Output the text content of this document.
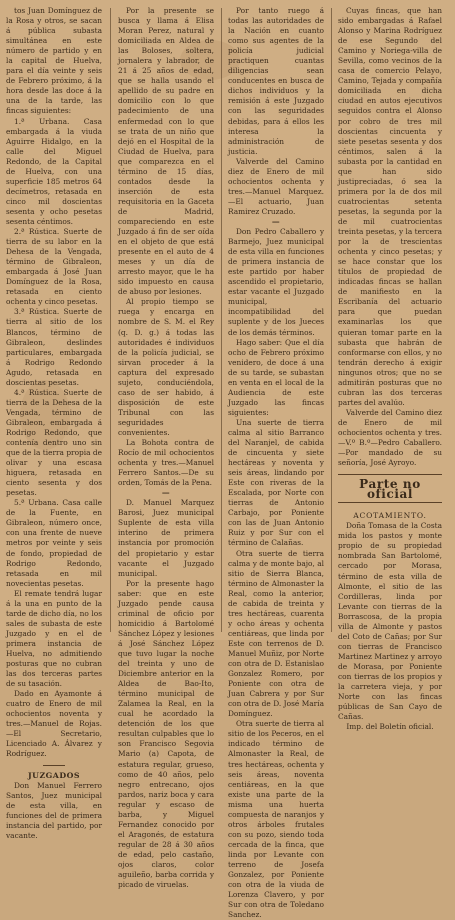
tos Juan Domínguez de la Rosa y otros, se sacan á pública subasta simultánea en este número de partido y en la capital de Huelva, para el día veinte y seis de Febrero próximo, á la hora desde las doce á la una de la tarde, las fincas siguientes:

1.ª Urbana. Casa embargada á la viuda Aguirre Hidalgo, en la calle del Miguel Redondo, de la Capital de Huelva, con una superficie 185 metros 64 decímetros, retasada en cinco mil doscientas sesenta y ocho pesetas sesenta céntimos.

2.ª Rústica. Suerte de tierra de su labor en la Dehesa de la Vengada, término de Gibraleon, embargada á José Juan Domínguez de la Rosa, retasada en ciento ochenta y cinco pesetas.

3.ª Rústica. Suerte de tierra al sitio de los Blancos, término de Gibraleon, deslindes particulares, embargada á Rodrigo Redondo Agudo, retasada en doscientas pesetas.

4.ª Rústica. Suerte de tierra de la Dehesa de la Vengada, término de Gibraleon, embargada á Rodrigo Redondo, que contenía dentro uno sin que de la tierra propia de olivar y una escasa higuera, retasada en ciento sesenta y dos pesetas.

5.ª Urbana. Casa calle de la Fuente, en Gibraleon, número once, con una frente de nueve metros por veinte y seis de fondo, propiedad de Rodrigo Redondo, retasada en mil novecientas pesetas.

El remate tendrá lugar á la una en punto de la tarde de dicho día, no los sales de subasta de este Juzgado y en el de primera instancia de Huelva, no admitiendo posturas que no cubran las dos terceras partes de su tasación.

Dado en Ayamonte á cuatro de Enero de mil ochocientos noventa y tres.—Manuel de Rojas.—El Secretario, Licenciado A. Álvarez y Rodríguez.

JUZGADOS

Don Manuel Ferrero Santos, Juez municipal de esta villa, en funciones del de primera instancia del partido, por vacante.

Por la presente se busca y llama á Elisa Moran Perez, natural y domiciliada en Aldea de las Boloses, soltera, jornalera y labrador, de 21 á 25 años de edad, que se halla usando el apellido de su padre en domicilio con lo que padecimiento de una enfermedad con lo que se trata de un niño que dejó en el Hospital de la Ciudad de Huelva, para que comparezca en el término de 15 días, contados desde la inserción de esta requisitoria en la Gaceta de Madrid, compareciendo en este Juzgado á fin de ser oída en el objeto de que está presente en el auto de 4 meses y un día de arresto mayor, que le ha sido impuesto en causa de abuso por lesiones.

Al propio tiempo se ruega y encarga en nombre de S. M. el Rey (q. D. g.) á todas las autoridades é individuos de la policía judicial, se sirvan proceder á la captura del expresado sujeto, conduciéndola, caso de ser habido, á disposición de este Tribunal con las seguridades convenientes.

La Bohota contra de Rocío de mil ochocientos ochenta y tres.—Manuel Ferrero Santos.—De su orden, Tomás de la Pena.

—

D. Manuel Marquez Barosi, Juez municipal Suplente de esta villa interino de primera instancia por promoción del propietario y estar vacante el Juzgado municipal.

Por la presente hago saber: que en este Juzgado pende causa criminal de oficio por homicidio á Bartolomé Sánchez López y lesiones á José Sánchez López que tuvo lugar la noche del treinta y uno de Diciembre anterior en la Aldea de Bao-Ito, término municipal de Zalamea la Real, en la cual he acordado la detención de los que resultan culpables que lo son Francisco Segovia Mario (a) Capota, de estatura regular, grueso, como de 40 años, pelo negro entrecano, ojos pardos, nariz boca y cara regular y escaso de barba, y Miguel Fernandez conocido por el Aragonés, de estatura regular de 28 á 30 años de edad, pelo castaño, ojos claros, color aguileño, barba corrida y picado de viruelas.

Por tanto ruego á todas las autoridades de la Nación en cuanto como sus agentes de la policía judicial practiquen cuantas diligencias sean conducentes en busca de dichos individuos y la remisión á este Juzgado con las seguridades debidas, para á ellos les interesa la administración de justicia.

Valverde del Camino diez de Enero de mil ochocientos ochenta y tres.—Manuel Marquez.—El actuario, Juan Ramirez Cruzado.

—

Don Pedro Caballero y Barmejo, Juez municipal de esta villa en funciones de primera instancia de este partido por haber ascendido el propietario, estar vacante el Juzgado municipal, incompatibilidad del suplente y de los Jueces de los demás términos.

Hago saber: Que el día ocho de Febrero próximo venidero, de doce á una de su tarde, se subastan en venta en el local de la Audiencia de este Juzgado las fincas siguientes:

Una suerte de tierra calma al sitio Barranco del Naranjel, de cabida de cincuenta y siete hectáreas y noventa y seis áreas, lindando por Este con riveras de la Escalada, por Norte con tierras de Antonio Carbajo, por Poniente con las de Juan Antonio Ruiz y por Sur con el término de Calañas.

Otra suerte de tierra calma y de monte bajo, al sitio de Sierra Blanca, término de Almonaster la Real, como la anterior, de cabida de treinta y tres hectáreas, cuarenta y ocho áreas y ochenta centiáreas, que linda por Este con terrenos de D. Manuel Muñiz, por Norte con otra de D. Estanislao Gonzalez Romero, por Poniente con otra de Juan Cabrera y por Sur con otra de D. José María Domínguez.

Otra suerte de tierra al sitio de los Peceros, en el indicado término de Almonaster la Real, de tres hectáreas, ochenta y seis áreas, noventa centiáreas, en la que existe una parte de la misma una huerta compuesta de naranjos y otros árboles frutales con su pozo, siendo toda cercada de la finca, que linda por Levante con terreno de Josefa Gonzalez, por Poniente con otra de la viuda de Lorenza Clavero, y por Sur con otra de Toledano Sanchez.

Cuyas fincas, que han sido embargadas á Rafael Alonso y Marina Rodríguez de ese Segundo del Camino y Noriega-villa de Sevilla, como vecinos de la casa de comercio Pelayo, Camino, Tejada y compañía domiciliada en dicha ciudad en autos ejecutivos seguidos contra el Alonso por cobro de tres mil doscientas cincuenta y siete pesetas sesenta y dos céntimos, salen á la subasta por la cantidad en que han sido justipreciadas, ó sea la primera por la de dos mil cuatrocientas setenta pesetas, la segunda por la de mil cuatrocientas treinta pesetas, y la tercera por la de trescientas ochenta y cinco pesetas; y se hace constar que los títulos de propiedad de indicadas fincas se hallan de manifiesto en la Escribanía del actuario para que puedan examinarlas los que quieran tomar parte en la subasta que habrán de conformarse con ellos, y no tendrán derecho á exigir ningunos otros; que no se admitirán posturas que no cubran las dos terceras partes del avalúo.

Valverde del Camino diez de Enero de mil ochocientos ochenta y tres.—V.º B.º—Pedro Caballero.—Por mandado de su señoría, José Ayroyo.

Parte no oficial

ACOTAMIENTO.

Doña Tomasa de la Costa mida los pastos y monte propio de su propiedad nombrada San Bartolomé, cercado por Morasa, término de esta villa de Almonte, el sitio de las Cordilleras, linda por Levante con tierras de la Borrascosa, de la propia villa de Almonte y pastos del Coto de Cañas; por Sur con tierras de Francisco Martinez Martinez y arroyo de Morasa, por Poniente con tierras de los propios y la carretera vieja, y por Norte con las fincas públicas de San Cayo de Cañas.

Imp. del Boletín oficial.
